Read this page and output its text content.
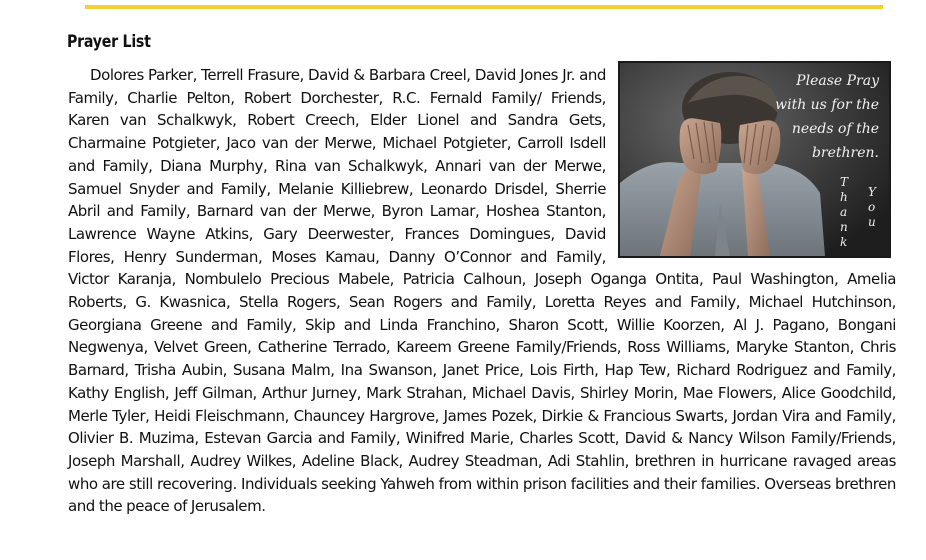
Prayer List
Please Pray
with us for the
needs of the
brethren.
Thank
You

Dolores Parker, Terrell Frasure, David & Barbara Creel, David Jones Jr. and Family, Charlie Pelton, Robert Dorchester, R.C. Fernald Family/ Friends, Karen van Schalkwyk, Robert Creech, Elder Lionel and Sandra Gets, Charmaine Potgieter, Jaco van der Merwe, Michael Potgieter, Carroll Isdell and Family, Diana Murphy, Rina van Schalkwyk, Annari van der Merwe, Samuel Snyder and Family, Melanie Killiebrew, Leonardo Drisdel, Sherrie Abril and Family, Barnard van der Merwe, Byron Lamar, Hoshea Stanton, Lawrence Wayne Atkins, Gary Deerwester, Frances Domingues, David Flores, Henry Sunderman, Moses Kamau, Danny O’Connor and Family, Victor Karanja, Nombulelo Precious Mabele, Patricia Calhoun, Joseph Oganga Ontita, Paul Washington, Amelia Roberts, G. Kwasnica, Stella Rogers, Sean Rogers and Family, Loretta Reyes and Family, Michael Hutchinson, Georgiana Greene and Family, Skip and Linda Franchino, Sharon Scott, Willie Koorzen, Al J. Pagano, Bongani Negwenya, Velvet Green, Catherine Terrado, Kareem Greene Family/Friends, Ross Williams, Maryke Stanton, Chris Barnard, Trisha Aubin, Susana Malm, Ina Swanson, Janet Price, Lois Firth, Hap Tew, Richard Rodriguez and Family, Kathy English, Jeff Gilman, Arthur Jurney, Mark Strahan, Michael Davis, Shirley Morin, Mae Flowers, Alice Goodchild, Merle Tyler, Heidi Fleischmann, Chauncey Hargrove, James Pozek, Dirkie & Francious Swarts, Jordan Vira and Family, Olivier B. Muzima, Estevan Garcia and Family, Winifred Marie, Charles Scott, David & Nancy Wilson Family/Friends, Joseph Marshall, Audrey Wilkes, Adeline Black, Audrey Steadman, Adi Stahlin, brethren in hurricane ravaged areas who are still recovering. Individuals seeking Yahweh from within prison facilities and their families. Overseas brethren and the peace of Jerusalem.
